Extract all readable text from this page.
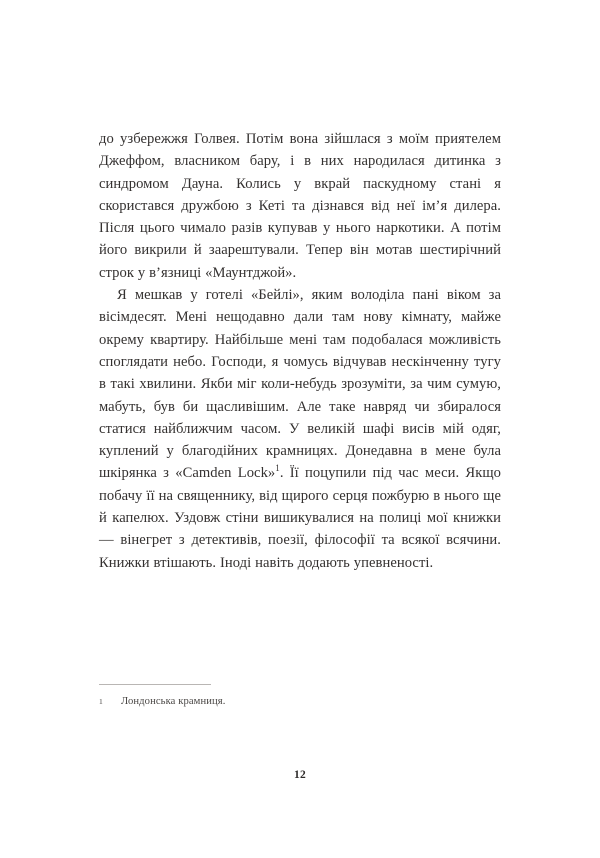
до узбережжя Голвея. Потім вона зійшлася з моїм приятелем Джеффом, власником бару, і в них народилася дитинка з синдромом Дауна. Колись у вкрай паскудному стані я скористався дружбою з Кеті та дізнався від неї ім’я дилера. Після цього чимало разів купував у нього наркотики. А потім його викрили й заарештували. Тепер він мотав шестирічний строк у в’язниці «Маунтджой».

Я мешкав у готелі «Бейлі», яким володіла пані віком за вісімдесят. Мені нещодавно дали там нову кімнату, майже окрему квартиру. Найбільше мені там подобалася можливість споглядати небо. Господи, я чомусь відчував нескінченну тугу в такі хвилини. Якби міг коли-небудь зрозуміти, за чим сумую, мабуть, був би щасливішим. Але таке навряд чи збиралося статися найближчим часом. У великій шафі висів мій одяг, куплений у благодійних крамницях. Донедавна в мене була шкірянка з «Camden Lock»$^1$. Її поцупили під час меси. Якщо побачу її на священнику, від щирого серця пожбурю в нього ще й капелюх. Уздовж стіни вишикувалися на полиці мої книжки — вінегрет з детективів, поезії, філософії та всякої всячини. Книжки втішають. Іноді навіть додають упевненості.

1	Лондонська крамниця.
12
